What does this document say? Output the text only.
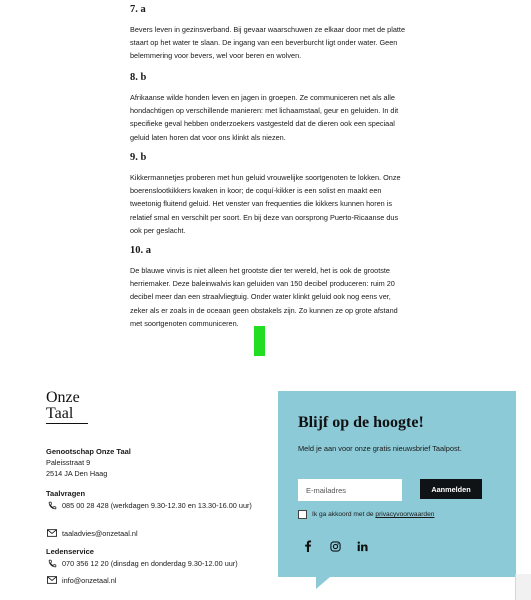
7. a

Bevers leven in gezinsverband. Bij gevaar waarschuwen ze elkaar door met de platte staart op het water te slaan. De ingang van een beverburcht ligt onder water. Geen belemmering voor bevers, wel voor beren en wolven.

8. b

Afrikaanse wilde honden leven en jagen in groepen. Ze communiceren net als alle hondachtigen op verschillende manieren: met lichaamstaal, geur en geluiden. In dit specifieke geval hebben onderzoekers vastgesteld dat de dieren ook een speciaal geluid laten horen dat voor ons klinkt als niezen.

9. b

Kikkermannetjes proberen met hun geluid vrouwelijke soortgenoten te lokken. Onze boerenslootkikkers kwaken in koor; de coquí-kikker is een solist en maakt een tweetonig fluitend geluid. Het venster van frequenties die kikkers kunnen horen is relatief smal en verschilt per soort. En bij deze van oorsprong Puerto-Ricaanse dus ook per geslacht.

10. a

De blauwe vinvis is niet alleen het grootste dier ter wereld, het is ook de grootste herriemaker. Deze baleinwalvis kan geluiden van 150 decibel produceren: ruim 20 decibel meer dan een straalvliegtuig. Onder water klinkt geluid ook nog eens ver, zeker als er zoals in de oceaan geen obstakels zijn. Zo kunnen ze op grote afstand met soortgenoten communiceren.

Onze
Taal
Genootschap Onze Taal
Paleisstraat 9
2514 JA Den Haag
Taalvragen
085 00 28 428 (werkdagen 9.30-12.30 en 13.30-16.00 uur)
taaladvies@onzetaal.nl
Ledenservice
070 356 12 20 (dinsdag en donderdag 9.30-12.00 uur)
info@onzetaal.nl
Blijf op de hoogte!
Meld je aan voor onze gratis nieuwsbrief Taalpost.
E-mailadres
Aanmelden
Ik ga akkoord met de privacyvoorwaarden
